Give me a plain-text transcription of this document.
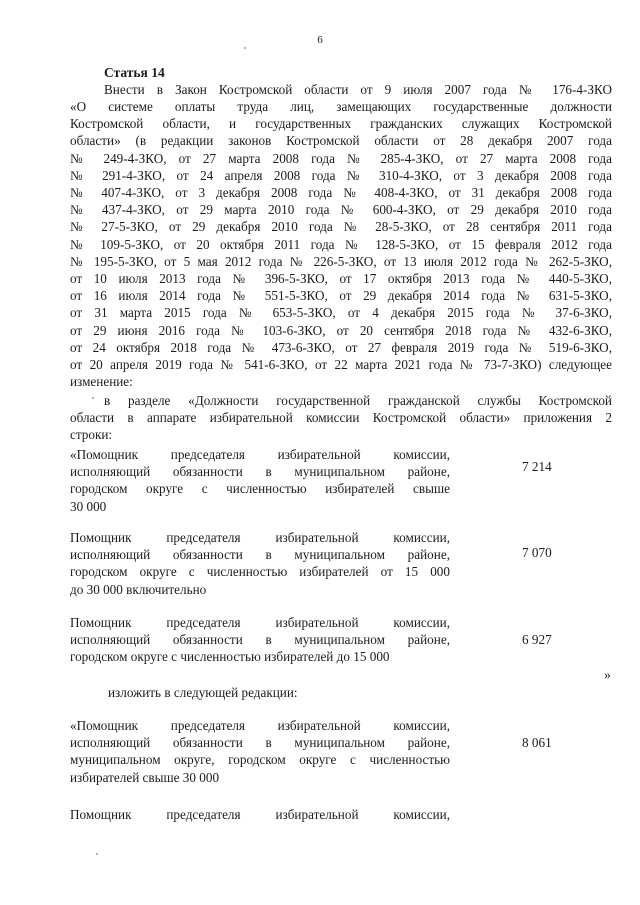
6
Статья 14
Внести в Закон Костромской области от 9 июля 2007 года № 176-4-ЗКО
«О системе оплаты труда лиц, замещающих государственные должности
Костромской области, и государственных гражданских служащих Костромской
области» (в редакции законов Костромской области от 28 декабря 2007 года
№ 249-4-ЗКО, от 27 марта 2008 года № 285-4-ЗКО, от 27 марта 2008 года
№ 291-4-ЗКО, от 24 апреля 2008 года № 310-4-ЗКО, от 3 декабря 2008 года
№ 407-4-ЗКО, от 3 декабря 2008 года № 408-4-ЗКО, от 31 декабря 2008 года
№ 437-4-ЗКО, от 29 марта 2010 года № 600-4-ЗКО, от 29 декабря 2010 года
№ 27-5-ЗКО, от 29 декабря 2010 года № 28-5-ЗКО, от 28 сентября 2011 года
№ 109-5-ЗКО, от 20 октября 2011 года № 128-5-ЗКО, от 15 февраля 2012 года
№ 195-5-ЗКО, от 5 мая 2012 года № 226-5-ЗКО, от 13 июля 2012 года № 262-5-ЗКО,
от 10 июля 2013 года № 396-5-ЗКО, от 17 октября 2013 года № 440-5-ЗКО,
от 16 июля 2014 года № 551-5-ЗКО, от 29 декабря 2014 года № 631-5-ЗКО,
от 31 марта 2015 года № 653-5-ЗКО, от 4 декабря 2015 года № 37-6-ЗКО,
от 29 июня 2016 года № 103-6-ЗКО, от 20 сентября 2018 года № 432-6-ЗКО,
от 24 октября 2018 года № 473-6-ЗКО, от 27 февраля 2019 года № 519-6-ЗКО,
от 20 апреля 2019 года № 541-6-ЗКО, от 22 марта 2021 года № 73-7-ЗКО) следующее
изменение:
в разделе «Должности государственной гражданской службы Костромской
области в аппарате избирательной комиссии Костромской области» приложения 2
строки:
«Помощник председателя избирательной комиссии,
исполняющий обязанности в муниципальном районе,
городском округе с численностью избирателей свыше
30 000
7 214
Помощник председателя избирательной комиссии,
исполняющий обязанности в муниципальном районе,
городском округе с численностью избирателей от 15 000
до 30 000 включительно
7 070
Помощник председателя избирательной комиссии,
исполняющий обязанности в муниципальном районе,
городском округе с численностью избирателей до 15 000
6 927
»
изложить в следующей редакции:
«Помощник председателя избирательной комиссии,
исполняющий обязанности в муниципальном районе,
муниципальном округе, городском округе с численностью
избирателей свыше 30 000
8 061
Помощник председателя избирательной комиссии,
